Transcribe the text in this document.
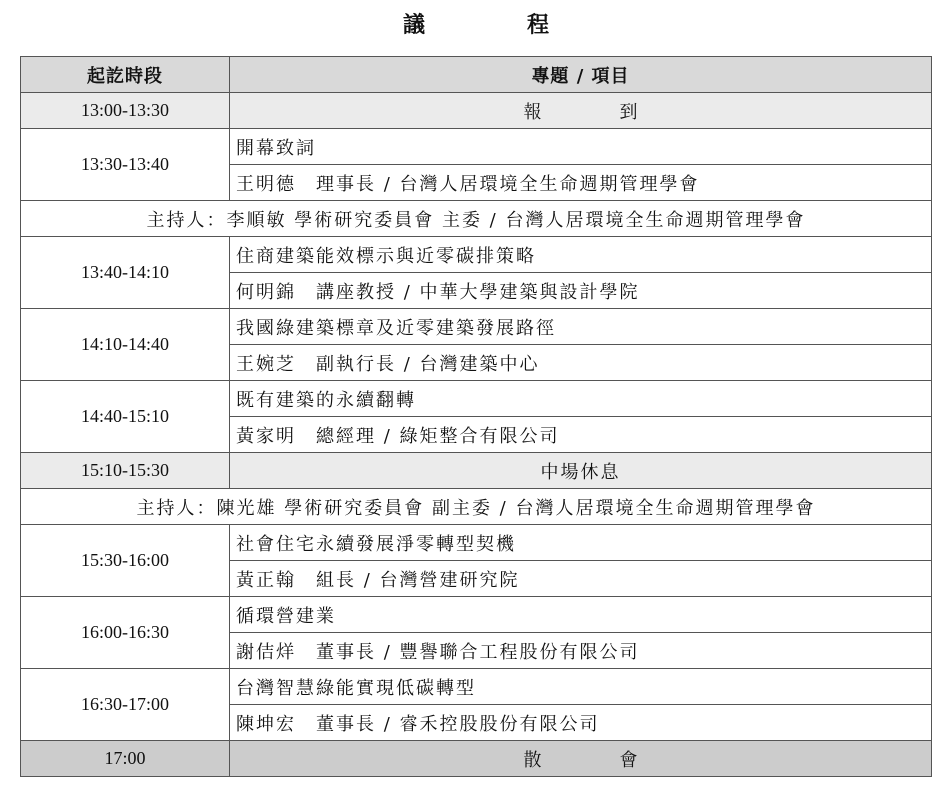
議　程
起訖時段	專題 / 項目
13:00-13:30	報　到
13:30-13:40	開幕致詞
	王明德　理事長 / 台灣人居環境全生命週期管理學會
主持人：李順敏 學術研究委員會 主委 / 台灣人居環境全生命週期管理學會	
13:40-14:10	住商建築能效標示與近零碳排策略
	何明錦　講座教授 / 中華大學建築與設計學院
14:10-14:40	我國綠建築標章及近零建築發展路徑
	王婉芝　副執行長 / 台灣建築中心
14:40-15:10	既有建築的永續翻轉
	黃家明　總經理 / 綠矩整合有限公司
15:10-15:30	中場休息
主持人：陳光雄 學術研究委員會 副主委 / 台灣人居環境全生命週期管理學會	
15:30-16:00	社會住宅永續發展淨零轉型契機
	黃正翰　組長 / 台灣營建研究院
16:00-16:30	循環營建業
	謝佶烊　董事長 / 豐譽聯合工程股份有限公司
16:30-17:00	台灣智慧綠能實現低碳轉型
	陳坤宏　董事長 / 睿禾控股股份有限公司
17:00	散　會
